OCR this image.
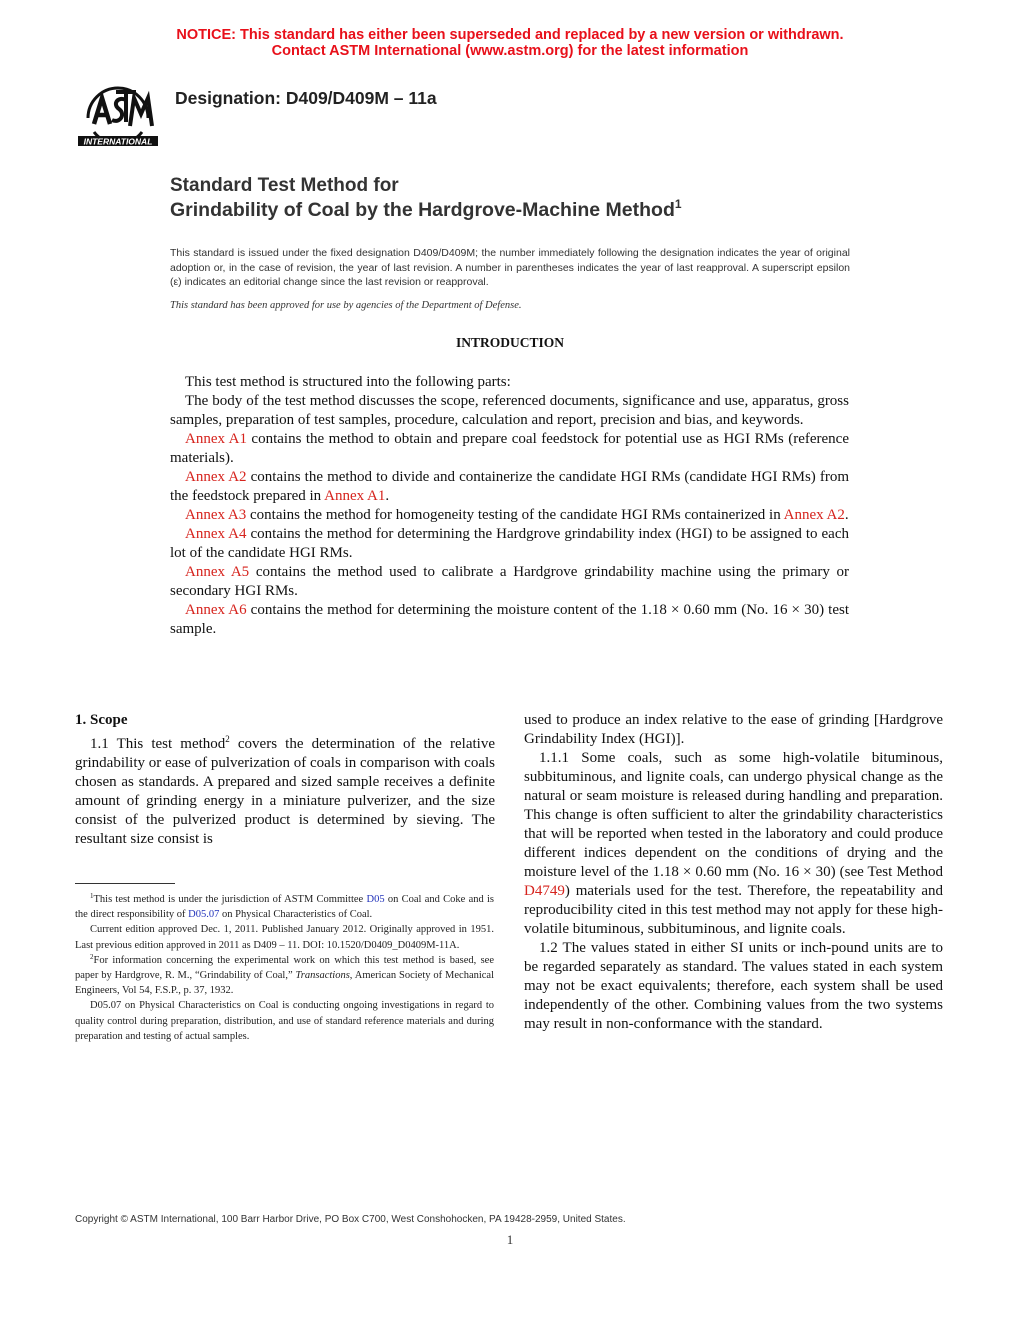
NOTICE: This standard has either been superseded and replaced by a new version or withdrawn.
Contact ASTM International (www.astm.org) for the latest information
INTERNATIONAL
Designation: D409/D409M – 11a
Standard Test Method for
Grindability of Coal by the Hardgrove-Machine Method$^1$
This standard is issued under the fixed designation D409/D409M; the number immediately following the designation indicates the year of original adoption or, in the case of revision, the year of last revision. A number in parentheses indicates the year of last reapproval. A superscript epsilon (ε) indicates an editorial change since the last revision or reapproval.
This standard has been approved for use by agencies of the Department of Defense.
INTRODUCTION

This test method is structured into the following parts:

The body of the test method discusses the scope, referenced documents, significance and use, apparatus, gross samples, preparation of test samples, procedure, calculation and report, precision and bias, and keywords.

Annex A1 contains the method to obtain and prepare coal feedstock for potential use as HGI RMs (reference materials).

Annex A2 contains the method to divide and containerize the candidate HGI RMs (candidate HGI RMs) from the feedstock prepared in Annex A1.

Annex A3 contains the method for homogeneity testing of the candidate HGI RMs containerized in Annex A2.

Annex A4 contains the method for determining the Hardgrove grindability index (HGI) to be assigned to each lot of the candidate HGI RMs.

Annex A5 contains the method used to calibrate a Hardgrove grindability machine using the primary or secondary HGI RMs.

Annex A6 contains the method for determining the moisture content of the 1.18 × 0.60 mm (No. 16 × 30) test sample.

1. Scope

1.1 This test method$^2$ covers the determination of the relative grindability or ease of pulverization of coals in comparison with coals chosen as standards. A prepared and sized sample receives a definite amount of grinding energy in a miniature pulverizer, and the size consist of the pulverized product is determined by sieving. The resultant size consist is

used to produce an index relative to the ease of grinding [Hardgrove Grindability Index (HGI)].

1.1.1 Some coals, such as some high-volatile bituminous, subbituminous, and lignite coals, can undergo physical change as the natural or seam moisture is released during handling and preparation. This change is often sufficient to alter the grindability characteristics that will be reported when tested in the laboratory and could produce different indices dependent on the conditions of drying and the moisture level of the 1.18 × 0.60 mm (No. 16 × 30) (see Test Method D4749) materials used for the test. Therefore, the repeatability and reproducibility cited in this test method may not apply for these high-volatile bituminous, subbituminous, and lignite coals.

1.2 The values stated in either SI units or inch-pound units are to be regarded separately as standard. The values stated in each system may not be exact equivalents; therefore, each system shall be used independently of the other. Combining values from the two systems may result in non-conformance with the standard.

$^1$This test method is under the jurisdiction of ASTM Committee D05 on Coal and Coke and is the direct responsibility of D05.07 on Physical Characteristics of Coal.

Current edition approved Dec. 1, 2011. Published January 2012. Originally approved in 1951. Last previous edition approved in 2011 as D409 – 11. DOI: 10.1520/D0409_D0409M-11A.

$^2$For information concerning the experimental work on which this test method is based, see paper by Hardgrove, R. M., “Grindability of Coal,” Transactions, American Society of Mechanical Engineers, Vol 54, F.S.P., p. 37, 1932.

D05.07 on Physical Characteristics on Coal is conducting ongoing investigations in regard to quality control during preparation, distribution, and use of standard reference materials and during preparation and testing of actual samples.

Copyright © ASTM International, 100 Barr Harbor Drive, PO Box C700, West Conshohocken, PA 19428-2959, United States.
1
